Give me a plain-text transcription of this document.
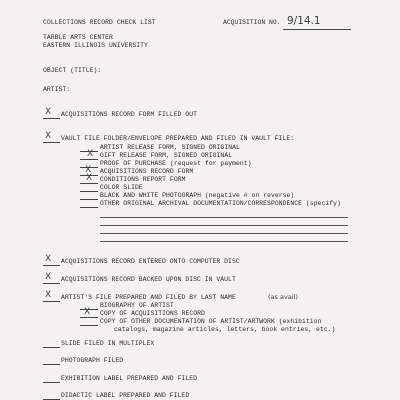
COLLECTIONS RECORD CHECK LIST	ACQUISITION NO. 9/14.1
TARBLE ARTS CENTER
EASTERN ILLINOIS UNIVERSITY
OBJECT (TITLE):
ARTIST:
X ACQUISITIONS RECORD FORM FILLED OUT
X VAULT FILE FOLDER/ENVELOPE PREPARED AND FILED IN VAULT FILE:
ARTIST RELEASE FORM, SIGNED ORIGINAL
X GIFT RELEASE FORM, SIGNED ORIGINAL
PROOF OF PURCHASE (request for payment)
X ACQUISITIONS RECORD FORM
X CONDITIONS REPORT FORM
COLOR SLIDE
BLACK AND WHITE PHOTOGRAPH (negative # on reverse)
OTHER ORIGINAL ARCHIVAL DOCUMENTATION/CORRESPONDENCE (specify)
X ACQUISITIONS RECORD ENTERED ONTO COMPUTER DISC
X ACQUISITIONS RECORD BACKED UPON DISC IN VAULT
X ARTIST'S FILE PREPARED AND FILED BY LAST NAME	(as avail)
BIOGRAPHY OF ARTIST
X COPY OF ACQUISITIONS RECORD
COPY OF OTHER DOCUMENTATION OF ARTIST/ARTWORK (exhibition
catalogs, magazine articles, letters, book entries, etc.)
SLIDE FILED IN MULTIPLEX
PHOTOGRAPH FILED
EXHIBITION LABEL PREPARED AND FILED
DIDACTIC LABEL PREPARED AND FILED
